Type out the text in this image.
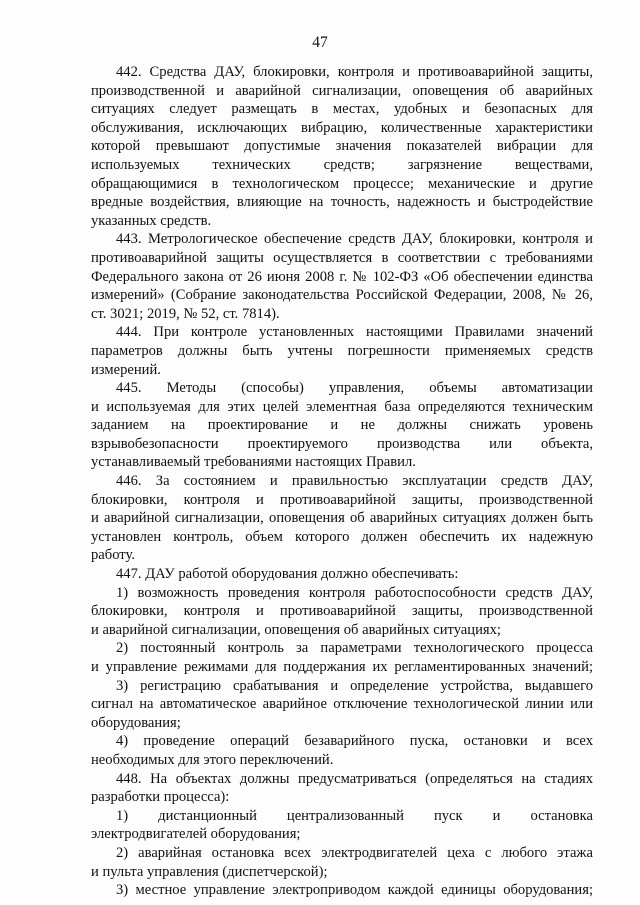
47
442. Средства ДАУ, блокировки, контроля и противоаварийной защиты,
производственной и аварийной сигнализации, оповещения об аварийных
ситуациях следует размещать в местах, удобных и безопасных для
обслуживания, исключающих вибрацию, количественные характеристики
которой превышают допустимые значения показателей вибрации для
используемых технических средств; загрязнение веществами,
обращающимися в технологическом процессе; механические и другие
вредные воздействия, влияющие на точность, надежность и быстродействие
указанных средств.
443. Метрологическое обеспечение средств ДАУ, блокировки, контроля и
противоаварийной защиты осуществляется в соответствии с требованиями
Федерального закона от 26 июня 2008 г. № 102-ФЗ «Об обеспечении единства
измерений» (Собрание законодательства Российской Федерации, 2008, № 26,
ст. 3021; 2019, № 52, ст. 7814).
444. При контроле установленных настоящими Правилами значений
параметров должны быть учтены погрешности применяемых средств
измерений.
445. Методы (способы) управления, объемы автоматизации
и используемая для этих целей элементная база определяются техническим
заданием на проектирование и не должны снижать уровень
взрывобезопасности проектируемого производства или объекта,
устанавливаемый требованиями настоящих Правил.
446. За состоянием и правильностью эксплуатации средств ДАУ,
блокировки, контроля и противоаварийной защиты, производственной
и аварийной сигнализации, оповещения об аварийных ситуациях должен быть
установлен контроль, объем которого должен обеспечить их надежную
работу.
447. ДАУ работой оборудования должно обеспечивать:
1) возможность проведения контроля работоспособности средств ДАУ,
блокировки, контроля и противоаварийной защиты, производственной
и аварийной сигнализации, оповещения об аварийных ситуациях;
2) постоянный контроль за параметрами технологического процесса
и управление режимами для поддержания их регламентированных значений;
3) регистрацию срабатывания и определение устройства, выдавшего
сигнал на автоматическое аварийное отключение технологической линии или
оборудования;
4) проведение операций безаварийного пуска, остановки и всех
необходимых для этого переключений.
448. На объектах должны предусматриваться (определяться на стадиях
разработки процесса):
1) дистанционный централизованный пуск и остановка
электродвигателей оборудования;
2) аварийная остановка всех электродвигателей цеха с любого этажа
и пульта управления (диспетчерской);
3) местное управление электроприводом каждой единицы оборудования;
